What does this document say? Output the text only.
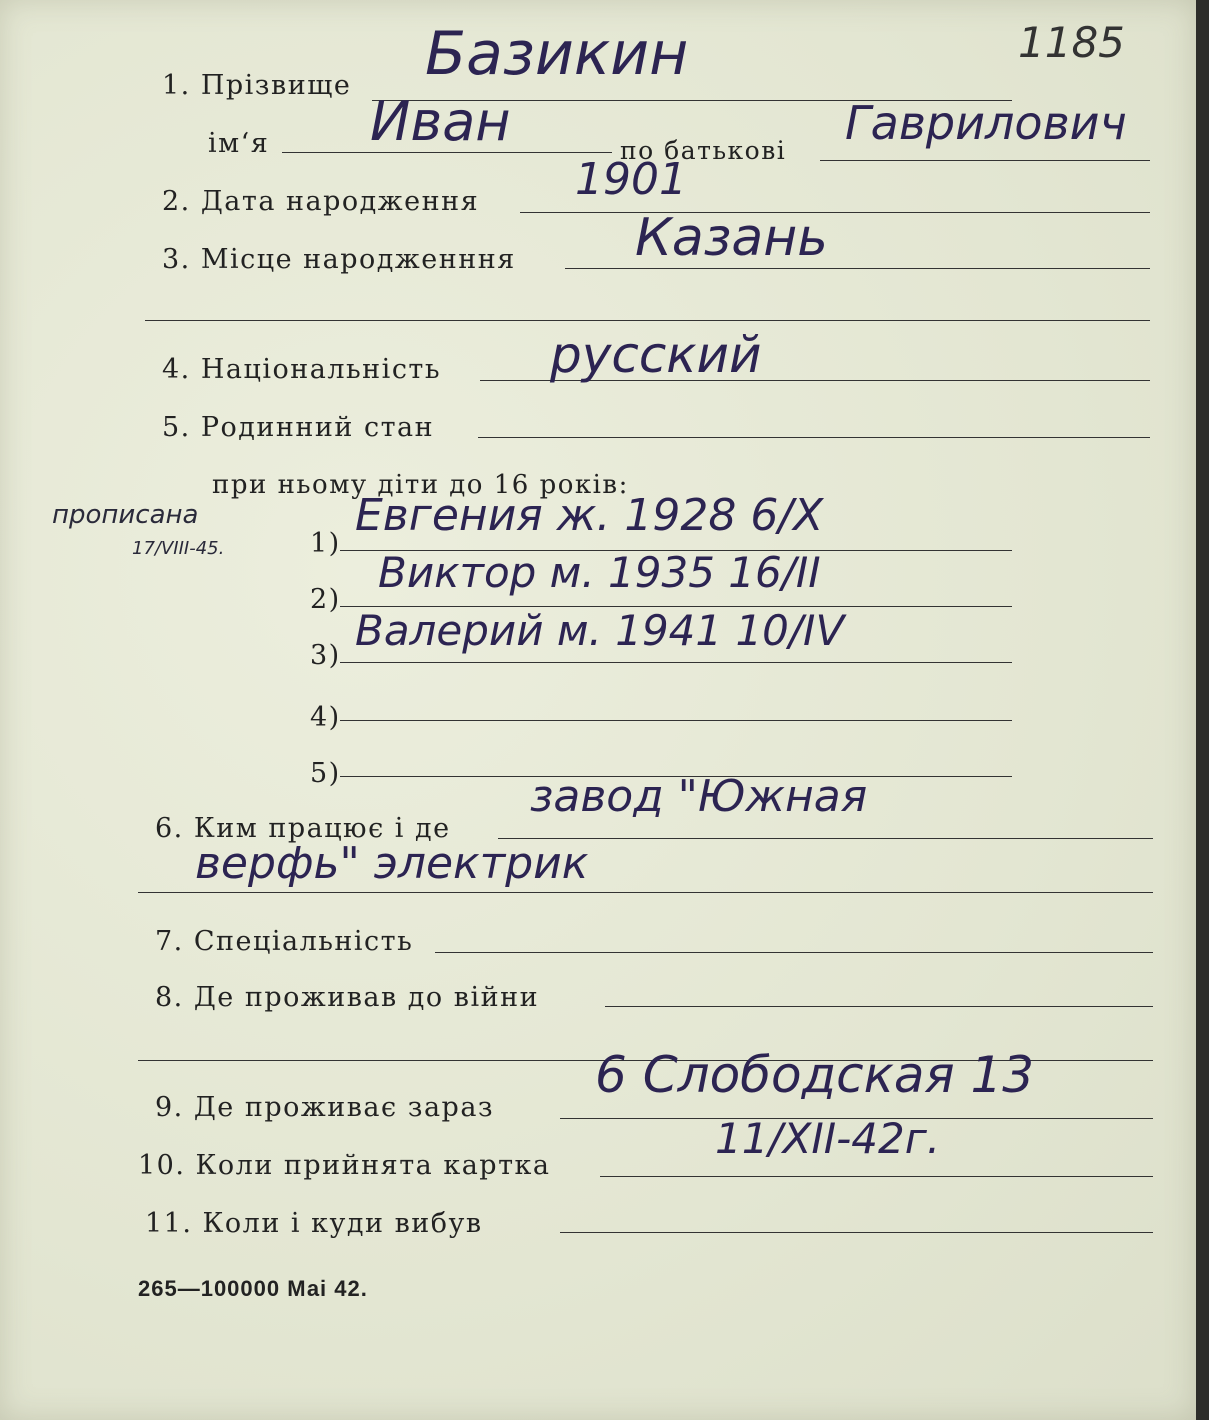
1185
1. Прізвище Базикин
ім‘я Иван	по батькові
Гаврилович
2. Дата народження 1901
3. Місце народженння Казань
4. Національність русский
5. Родинний стан
при ньому діти до 16 років:
прописана
17/VIII-45.	1)
Евгения ж. 1928 6/X
2)
Виктор м. 1935 16/II
3)
Валерий м. 1941 10/IV
4)
5)
6. Ким працює і де
завод "Южная
верфь" электрик
7. Спеціальність
8. Де проживав до війни
9. Де проживає зараз
6 Слободская 13
10. Коли прийнята картка
11/XII-42г.
11. Коли і куди вибув
265—100000 Маі 42.
